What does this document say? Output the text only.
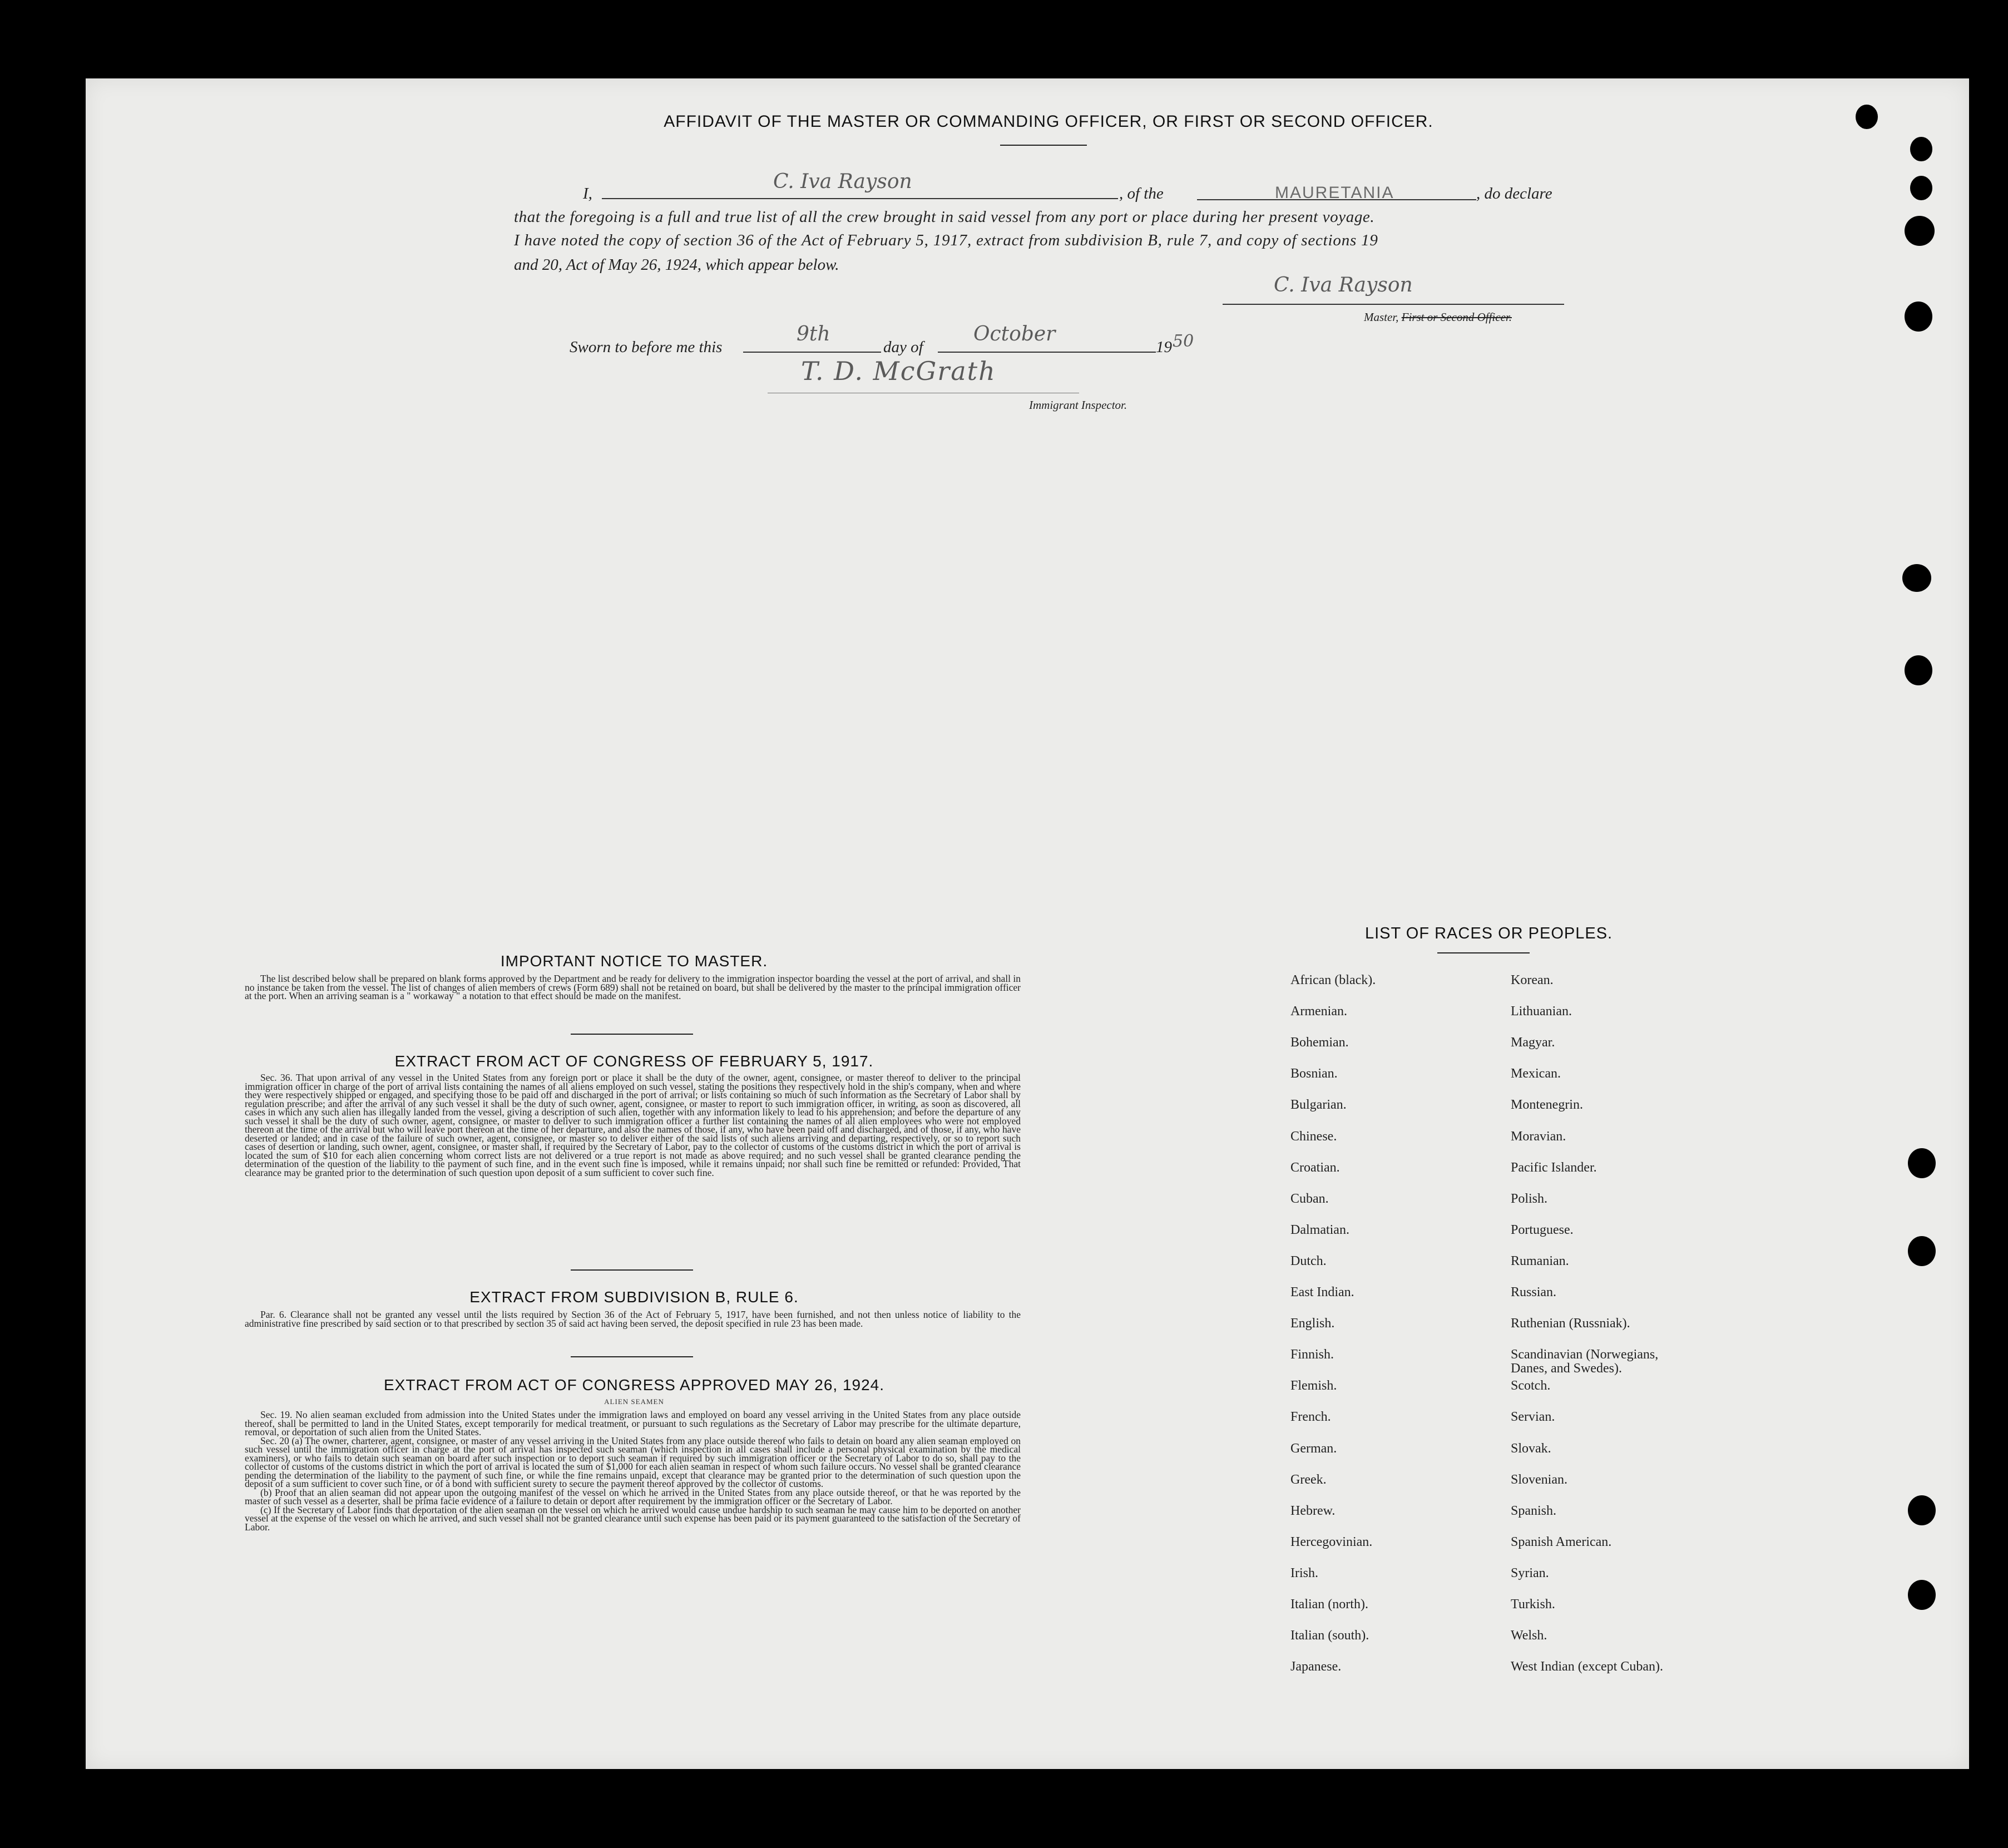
AFFIDAVIT OF THE MASTER OR COMMANDING OFFICER, OR FIRST OR SECOND OFFICER.
I,
C. Iva Rayson
, of the	MAURETANIA	, do declare
that the foregoing is a full and true list of all the crew brought in said vessel from any port or place during her present voyage.
I have noted the copy of section 36 of the Act of February 5, 1917, extract from subdivision B, rule 7, and copy of sections 19
and 20, Act of May 26, 1924, which appear below.
C. Iva Rayson
Master, First or Second Officer.
Sworn to before me this
9th
day of
October
19 50
T. D. McGrath
Immigrant Inspector.
IMPORTANT NOTICE TO MASTER.

The list described below shall be prepared on blank forms approved by the Department and be ready for delivery to the immigration inspector boarding the vessel at the port of arrival, and shall in no instance be taken from the vessel. The list of changes of alien members of crews (Form 689) shall not be retained on board, but shall be delivered by the master to the principal immigration officer at the port. When an arriving seaman is a " workaway " a notation to that effect should be made on the manifest.

EXTRACT FROM ACT OF CONGRESS OF FEBRUARY 5, 1917.

Sec. 36. That upon arrival of any vessel in the United States from any foreign port or place it shall be the duty of the owner, agent, consignee, or master thereof to deliver to the principal immigration officer in charge of the port of arrival lists containing the names of all aliens employed on such vessel, stating the positions they respectively hold in the ship's company, when and where they were respectively shipped or engaged, and specifying those to be paid off and discharged in the port of arrival; or lists containing so much of such information as the Secretary of Labor shall by regulation prescribe; and after the arrival of any such vessel it shall be the duty of such owner, agent, consignee, or master to report to such immigration officer, in writing, as soon as discovered, all cases in which any such alien has illegally landed from the vessel, giving a description of such alien, together with any information likely to lead to his apprehension; and before the departure of any such vessel it shall be the duty of such owner, agent, consignee, or master to deliver to such immigration officer a further list containing the names of all alien employees who were not employed thereon at the time of the arrival but who will leave port thereon at the time of her departure, and also the names of those, if any, who have been paid off and discharged, and of those, if any, who have deserted or landed; and in case of the failure of such owner, agent, consignee, or master so to deliver either of the said lists of such aliens arriving and departing, respectively, or so to report such cases of desertion or landing, such owner, agent, consignee, or master shall, if required by the Secretary of Labor, pay to the collector of customs of the customs district in which the port of arrival is located the sum of $10 for each alien concerning whom correct lists are not delivered or a true report is not made as above required; and no such vessel shall be granted clearance pending the determination of the question of the liability to the payment of such fine, and in the event such fine is imposed, while it remains unpaid; nor shall such fine be remitted or refunded: Provided, That clearance may be granted prior to the determination of such question upon deposit of a sum sufficient to cover such fine.

EXTRACT FROM SUBDIVISION B, RULE 6.

Par. 6. Clearance shall not be granted any vessel until the lists required by Section 36 of the Act of February 5, 1917, have been furnished, and not then unless notice of liability to the administrative fine prescribed by said section or to that prescribed by section 35 of said act having been served, the deposit specified in rule 23 has been made.

EXTRACT FROM ACT OF CONGRESS APPROVED MAY 26, 1924.
ALIEN SEAMEN

Sec. 19. No alien seaman excluded from admission into the United States under the immigration laws and employed on board any vessel arriving in the United States from any place outside thereof, shall be permitted to land in the United States, except temporarily for medical treatment, or pursuant to such regulations as the Secretary of Labor may prescribe for the ultimate departure, removal, or deportation of such alien from the United States.

Sec. 20 (a) The owner, charterer, agent, consignee, or master of any vessel arriving in the United States from any place outside thereof who fails to detain on board any alien seaman employed on such vessel until the immigration officer in charge at the port of arrival has inspected such seaman (which inspection in all cases shall include a personal physical examination by the medical examiners), or who fails to detain such seaman on board after such inspection or to deport such seaman if required by such immigration officer or the Secretary of Labor to do so, shall pay to the collector of customs of the customs district in which the port of arrival is located the sum of $1,000 for each alien seaman in respect of whom such failure occurs. No vessel shall be granted clearance pending the determination of the liability to the payment of such fine, or while the fine remains unpaid, except that clearance may be granted prior to the determination of such question upon the deposit of a sum sufficient to cover such fine, or of a bond with sufficient surety to secure the payment thereof approved by the collector of customs.

(b) Proof that an alien seaman did not appear upon the outgoing manifest of the vessel on which he arrived in the United States from any place outside thereof, or that he was reported by the master of such vessel as a deserter, shall be prima facie evidence of a failure to detain or deport after requirement by the immigration officer or the Secretary of Labor.

(c) If the Secretary of Labor finds that deportation of the alien seaman on the vessel on which he arrived would cause undue hardship to such seaman he may cause him to be deported on another vessel at the expense of the vessel on which he arrived, and such vessel shall not be granted clearance until such expense has been paid or its payment guaranteed to the satisfaction of the Secretary of Labor.

LIST OF RACES OR PEOPLES.
African (black).
Armenian.
Bohemian.
Bosnian.
Bulgarian.
Chinese.
Croatian.
Cuban.
Dalmatian.
Dutch.
East Indian.
English.
Finnish.
Flemish.
French.
German.
Greek.
Hebrew.
Hercegovinian.
Irish.
Italian (north).
Italian (south).
Japanese.
Korean.
Lithuanian.
Magyar.
Mexican.
Montenegrin.
Moravian.
Pacific Islander.
Polish.
Portuguese.
Rumanian.
Russian.
Ruthenian (Russniak).
Scandinavian (Norwegians,
Danes, and Swedes).
Scotch.
Servian.
Slovak.
Slovenian.
Spanish.
Spanish American.
Syrian.
Turkish.
Welsh.
West Indian (except Cuban).
